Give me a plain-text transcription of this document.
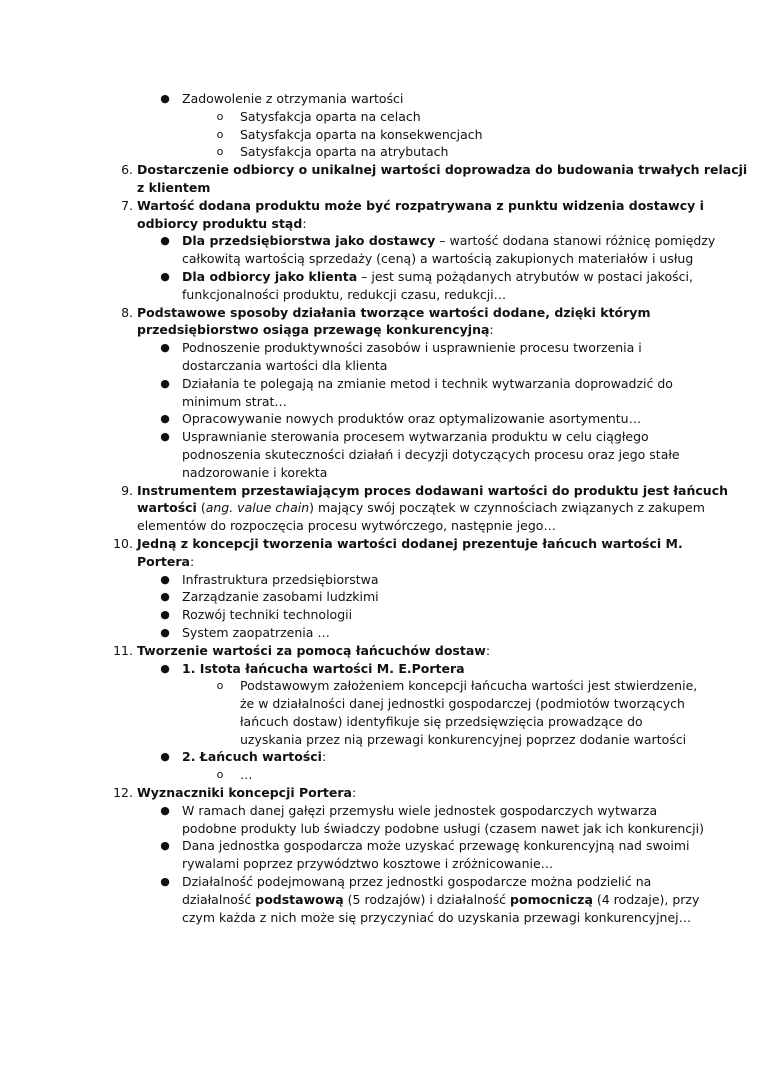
● Zadowolenie z otrzymania wartości
o Satysfakcja oparta na celach
o Satysfakcja oparta na konsekwencjach
o Satysfakcja oparta na atrybutach
6. Dostarczenie odbiorcy o unikalnej wartości doprowadza do budowania trwałych relacji
z klientem
7. Wartość dodana produktu może być rozpatrywana z punktu widzenia dostawcy i
odbiorcy produktu stąd:
● Dla przedsiębiorstwa jako dostawcy – wartość dodana stanowi różnicę pomiędzy
całkowitą wartością sprzedaży (ceną) a wartością zakupionych materiałów i usług
● Dla odbiorcy jako klienta – jest sumą pożądanych atrybutów w postaci jakości,
funkcjonalności produktu, redukcji czasu, redukcji…
8. Podstawowe sposoby działania tworzące wartości dodane, dzięki którym
przedsiębiorstwo osiąga przewagę konkurencyjną:
● Podnoszenie produktywności zasobów i usprawnienie procesu tworzenia i
dostarczania wartości dla klienta
● Działania te polegają na zmianie metod i technik wytwarzania doprowadzić do
minimum strat…
● Opracowywanie nowych produktów oraz optymalizowanie asortymentu…
● Usprawnianie sterowania procesem wytwarzania produktu w celu ciągłego
podnoszenia skuteczności działań i decyzji dotyczących procesu oraz jego stałe
nadzorowanie i korekta
9. Instrumentem przestawiającym proces dodawani wartości do produktu jest łańcuch
wartości (ang. value chain) mający swój początek w czynnościach związanych z zakupem
elementów do rozpoczęcia procesu wytwórczego, następnie jego…
10. Jedną z koncepcji tworzenia wartości dodanej prezentuje łańcuch wartości M.
Portera:
● Infrastruktura przedsiębiorstwa
● Zarządzanie zasobami ludzkimi
● Rozwój techniki technologii
● System zaopatrzenia …
11. Tworzenie wartości za pomocą łańcuchów dostaw:
● 1. Istota łańcucha wartości M. E.Portera
o Podstawowym założeniem koncepcji łańcucha wartości jest stwierdzenie,
że w działalności danej jednostki gospodarczej (podmiotów tworzących
łańcuch dostaw) identyfikuje się przedsięwzięcia prowadzące do
uzyskania przez nią przewagi konkurencyjnej poprzez dodanie wartości
● 2. Łańcuch wartości:
o …
12. Wyznaczniki koncepcji Portera:
● W ramach danej gałęzi przemysłu wiele jednostek gospodarczych wytwarza
podobne produkty lub świadczy podobne usługi (czasem nawet jak ich konkurencji)
● Dana jednostka gospodarcza może uzyskać przewagę konkurencyjną nad swoimi
rywalami poprzez przywództwo kosztowe i zróżnicowanie…
● Działalność podejmowaną przez jednostki gospodarcze można podzielić na
działalność podstawową (5 rodzajów) i działalność pomocniczą (4 rodzaje), przy
czym każda z nich może się przyczyniać do uzyskania przewagi konkurencyjnej…
